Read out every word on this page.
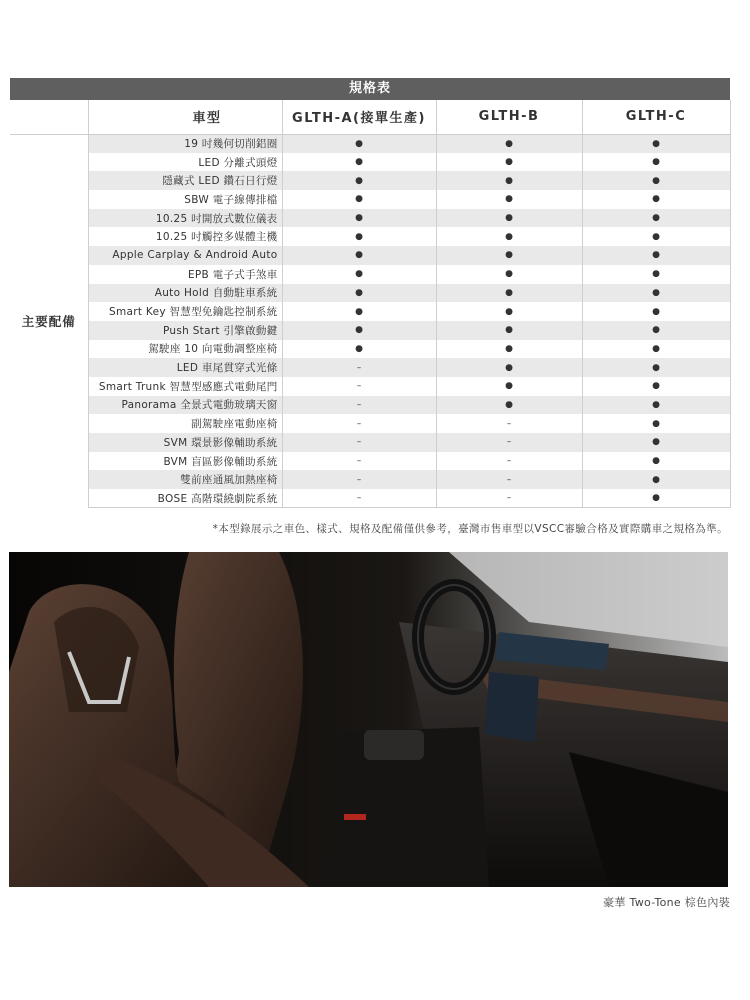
規格表
	車型	GLTH-A(接單生產)	GLTH-B	GLTH-C
主要配備	19 吋幾何切削鋁圈	●	●	●
	LED 分離式頭燈	●	●	●
	隱藏式 LED 鑽石日行燈	●	●	●
	SBW 電子線傳排檔	●	●	●
	10.25 吋開放式數位儀表	●	●	●
	10.25 吋觸控多媒體主機	●	●	●
	Apple Carplay & Android Auto	●	●	●
	EPB 電子式手煞車	●	●	●
	Auto Hold 自動駐車系統	●	●	●
	Smart Key 智慧型免鑰匙控制系統	●	●	●
	Push Start 引擎啟動鍵	●	●	●
	駕駛座 10 向電動調整座椅	●	●	●
	LED 車尾貫穿式光條	–	●	●
	Smart Trunk 智慧型感應式電動尾門	–	●	●
	Panorama 全景式電動玻璃天窗	–	●	●
	副駕駛座電動座椅	–	–	●
	SVM 環景影像輔助系統	–	–	●
	BVM 盲區影像輔助系統	–	–	●
	雙前座通風加熱座椅	–	–	●
	BOSE 高階環繞劇院系統	–	–	●
*本型錄展示之車色、樣式、規格及配備僅供參考，臺灣市售車型以VSCC審驗合格及實際購車之規格為準。
豪華 Two-Tone 棕色內裝
